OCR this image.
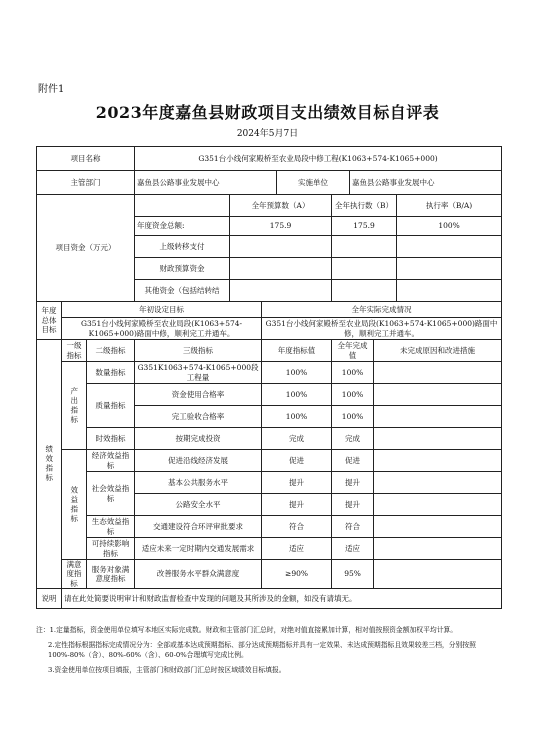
附件1
2023年度嘉鱼县财政项目支出绩效目标自评表
2024年5月7日
项目名称			G351台小线何家殿桥至农业局段中修工程(K1063+574-K1065+000)							
主管部门			嘉鱼县公路事业发展中心			实施单位		嘉鱼县公路事业发展中心		
项目资金（万元）				全年预算数（A）			全年执行数（B）			执行率（B/A)
			年度资金总额:	175.9			175.9			100%
			上级转移支付							
			财政预算资金							
			其他资金（包括结转结							
年度总体目标	年初设定目标				全年实际完成情况					

	G351台小线何家殿桥至农业局段(K1063+574-K1065+000)路面中修，顺利完工并通车。				G351台小线何家殿桥至农业局段(K1063+574-K1065+000)路面中修，顺利完工并通车。					

绩效指标	一级指标	二级指标	三级指标		年度指标值		全年完成值		未完成原因和改进措施	

	产出指标	数量指标	G351K1063+574-K1065+000段工程量		100%		100%			
		质量指标	资金使用合格率		100%		100%			
			完工验收合格率		100%		100%			
		时效指标	按期完成投资		完成		完成			

	效益指标	经济效益指标	促进沿线经济发展		促进		促进			
		社会效益指标	基本公共服务水平		提升		提升			
			公路安全水平		提升		提升			
		生态效益指标	交通建设符合环评审批要求		符合		符合			
		可持续影响指标	适应未来一定时期内交通发展需求		适应		适应			
	满意度指标	服务对象满意度指标	改善服务水平群众满意度		≥90%		95%			
说明	请在此处简要说明审计和财政监督检查中发现的问题及其所涉及的金额，如没有请填无。									

注：1.定量指标，资金使用单位填写本地区实际完成数。财政和主管部门汇总时，对绝对值直接累加计算，相对值按照资金额加权平均计算。

2.定性指标根据指标完成情况分为：全部或基本达成预期指标、部分达成预期指标并具有一定效果、未达成预期指标且效果较差三档，分别按照100%-80%（含）、80%-60%（含）、60-0%合理填写完成比例。

3.资金使用单位按项目填报，主管部门和财政部门汇总时按区域绩效目标填报。
